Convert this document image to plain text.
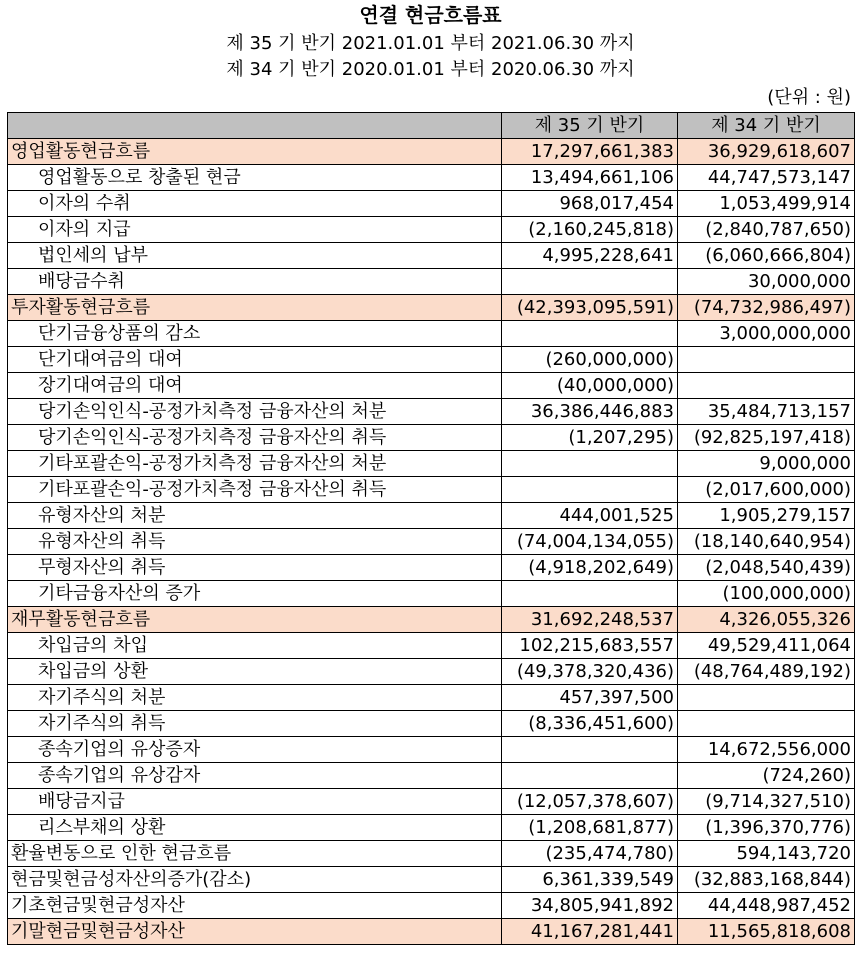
연결 현금흐름표
제 35 기 반기 2021.01.01 부터 2021.06.30 까지
제 34 기 반기 2020.01.01 부터 2020.06.30 까지
(단위 : 원)
	제 35 기 반기	제 34 기 반기
영업활동현금흐름	17,297,661,383	36,929,618,607
영업활동으로 창출된 현금	13,494,661,106	44,747,573,147
이자의 수취	968,017,454	1,053,499,914
이자의 지급	(2,160,245,818)	(2,840,787,650)
법인세의 납부	4,995,228,641	(6,060,666,804)
배당금수취		30,000,000
투자활동현금흐름	(42,393,095,591)	(74,732,986,497)
단기금융상품의 감소		3,000,000,000
단기대여금의 대여	(260,000,000)	
장기대여금의 대여	(40,000,000)	
당기손익인식-공정가치측정 금융자산의 처분	36,386,446,883	35,484,713,157
당기손익인식-공정가치측정 금융자산의 취득	(1,207,295)	(92,825,197,418)
기타포괄손익-공정가치측정 금융자산의 처분		9,000,000
기타포괄손익-공정가치측정 금융자산의 취득		(2,017,600,000)
유형자산의 처분	444,001,525	1,905,279,157
유형자산의 취득	(74,004,134,055)	(18,140,640,954)
무형자산의 취득	(4,918,202,649)	(2,048,540,439)
기타금융자산의 증가		(100,000,000)
재무활동현금흐름	31,692,248,537	4,326,055,326
차입금의 차입	102,215,683,557	49,529,411,064
차입금의 상환	(49,378,320,436)	(48,764,489,192)
자기주식의 처분	457,397,500	
자기주식의 취득	(8,336,451,600)	
종속기업의 유상증자		14,672,556,000
종속기업의 유상감자		(724,260)
배당금지급	(12,057,378,607)	(9,714,327,510)
리스부채의 상환	(1,208,681,877)	(1,396,370,776)
환율변동으로 인한 현금흐름	(235,474,780)	594,143,720
현금및현금성자산의증가(감소)	6,361,339,549	(32,883,168,844)
기초현금및현금성자산	34,805,941,892	44,448,987,452
기말현금및현금성자산	41,167,281,441	11,565,818,608
